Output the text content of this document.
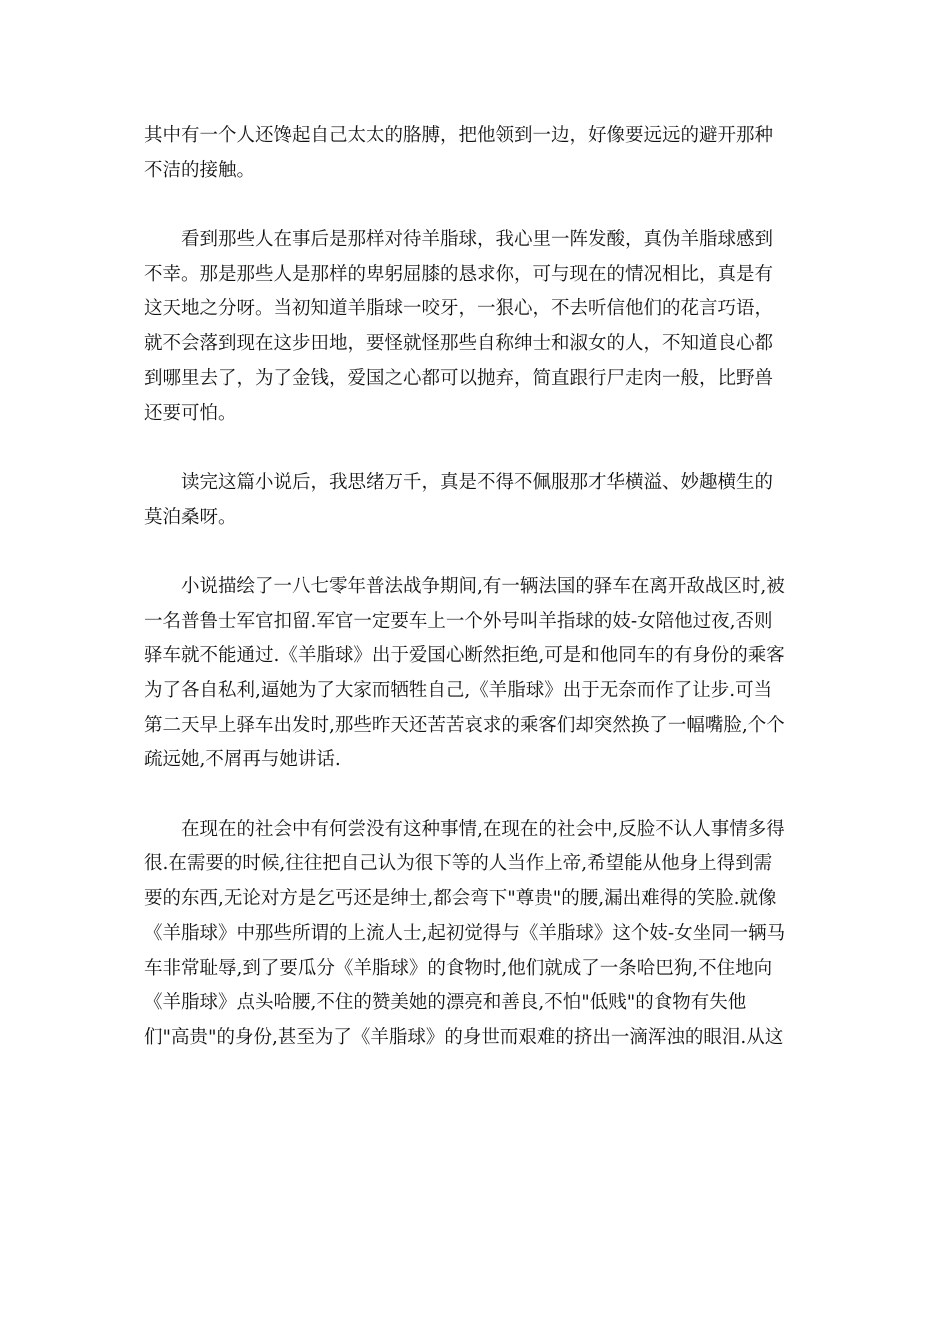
其中有一个人还馋起自己太太的胳膊，把他领到一边，好像要远远的避开那种
不洁的接触。
看到那些人在事后是那样对待羊脂球，我心里一阵发酸，真伪羊脂球感到
不幸。那是那些人是那样的卑躬屈膝的恳求你，可与现在的情况相比，真是有
这天地之分呀。当初知道羊脂球一咬牙，一狠心，不去听信他们的花言巧语，
就不会落到现在这步田地，要怪就怪那些自称绅士和淑女的人，不知道良心都
到哪里去了，为了金钱，爱国之心都可以抛弃，简直跟行尸走肉一般，比野兽
还要可怕。
读完这篇小说后，我思绪万千，真是不得不佩服那才华横溢、妙趣横生的
莫泊桑呀。
小说描绘了一八七零年普法战争期间,有一辆法国的驿车在离开敌战区时,被
一名普鲁士军官扣留.军官一定要车上一个外号叫羊指球的妓-女陪他过夜,否则
驿车就不能通过.《羊脂球》出于爱国心断然拒绝,可是和他同车的有身份的乘客
为了各自私利,逼她为了大家而牺牲自己,《羊脂球》出于无奈而作了让步.可当
第二天早上驿车出发时,那些昨天还苦苦哀求的乘客们却突然换了一幅嘴脸,个个
疏远她,不屑再与她讲话.
在现在的社会中有何尝没有这种事情,在现在的社会中,反脸不认人事情多得
很.在需要的时候,往往把自己认为很下等的人当作上帝,希望能从他身上得到需
要的东西,无论对方是乞丐还是绅士,都会弯下"尊贵"的腰,漏出难得的笑脸.就像
《羊脂球》中那些所谓的上流人士,起初觉得与《羊脂球》这个妓-女坐同一辆马
车非常耻辱,到了要瓜分《羊脂球》的食物时,他们就成了一条哈巴狗,不住地向
《羊脂球》点头哈腰,不住的赞美她的漂亮和善良,不怕"低贱"的食物有失他
们"高贵"的身份,甚至为了《羊脂球》的身世而艰难的挤出一滴浑浊的眼泪.从这
